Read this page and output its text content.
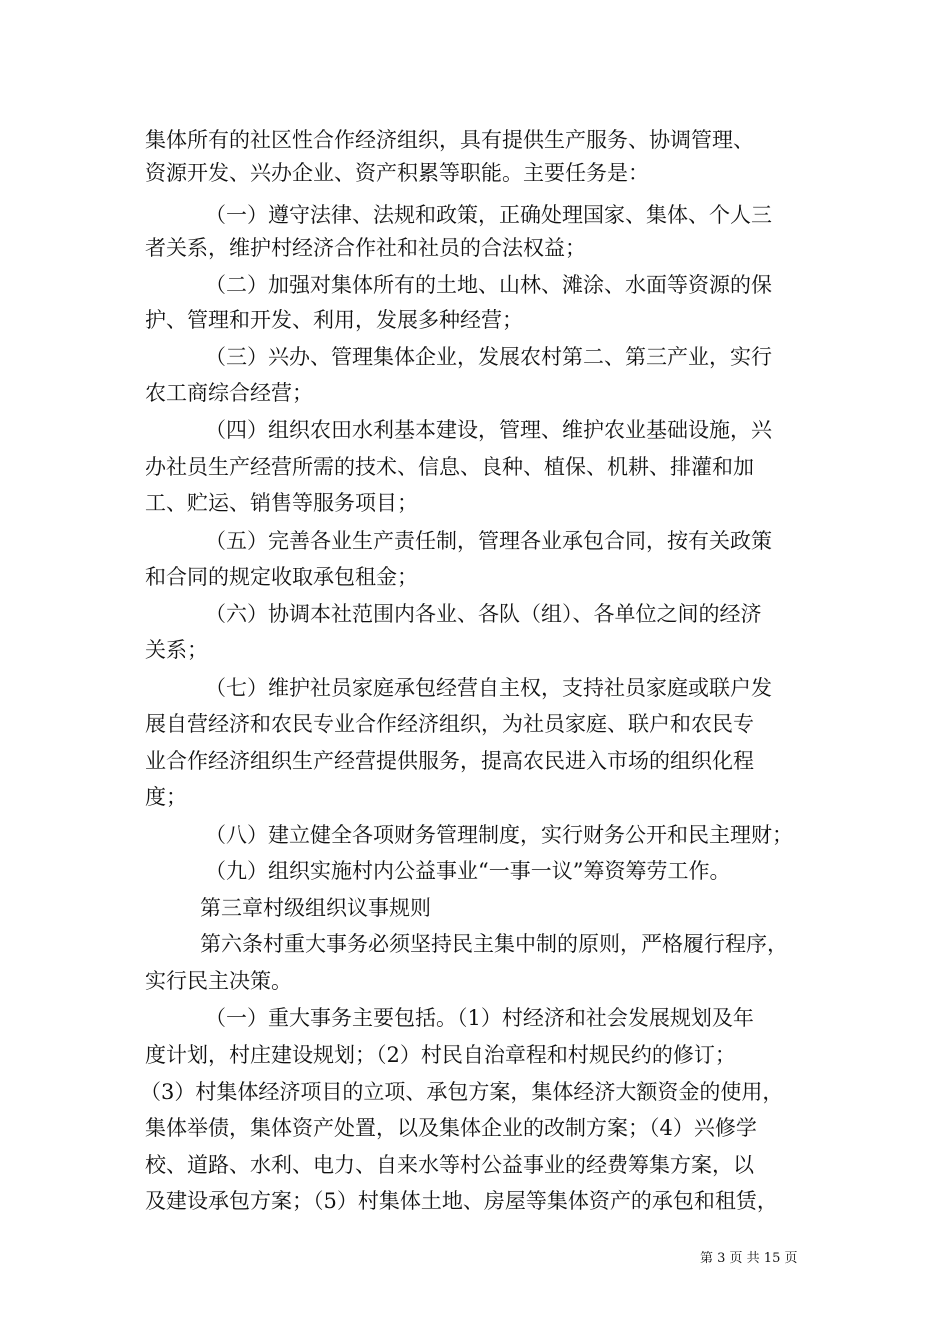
集体所有的社区性合作经济组织，具有提供生产服务、协调管理、
资源开发、兴办企业、资产积累等职能。主要任务是：
（一）遵守法律、法规和政策，正确处理国家、集体、个人三
者关系，维护村经济合作社和社员的合法权益；
（二）加强对集体所有的土地、山林、滩涂、水面等资源的保
护、管理和开发、利用，发展多种经营；
（三）兴办、管理集体企业，发展农村第二、第三产业，实行
农工商综合经营；
（四）组织农田水利基本建设，管理、维护农业基础设施，兴
办社员生产经营所需的技术、信息、良种、植保、机耕、排灌和加
工、贮运、销售等服务项目；
（五）完善各业生产责任制，管理各业承包合同，按有关政策
和合同的规定收取承包租金；
（六）协调本社范围内各业、各队（组）、各单位之间的经济
关系；
（七）维护社员家庭承包经营自主权，支持社员家庭或联户发
展自营经济和农民专业合作经济组织，为社员家庭、联户和农民专
业合作经济组织生产经营提供服务，提高农民进入市场的组织化程
度；
（八）建立健全各项财务管理制度，实行财务公开和民主理财；
（九）组织实施村内公益事业“一事一议”筹资筹劳工作。
第三章村级组织议事规则
第六条村重大事务必须坚持民主集中制的原则，严格履行程序，
实行民主决策。
（一）重大事务主要包括。（1）村经济和社会发展规划及年
度计划，村庄建设规划；（2）村民自治章程和村规民约的修订；
（3）村集体经济项目的立项、承包方案，集体经济大额资金的使用，
集体举债，集体资产处置，以及集体企业的改制方案；（4）兴修学
校、道路、水利、电力、自来水等村公益事业的经费筹集方案，以
及建设承包方案；（5）村集体土地、房屋等集体资产的承包和租赁，
第 3 页 共 15 页
